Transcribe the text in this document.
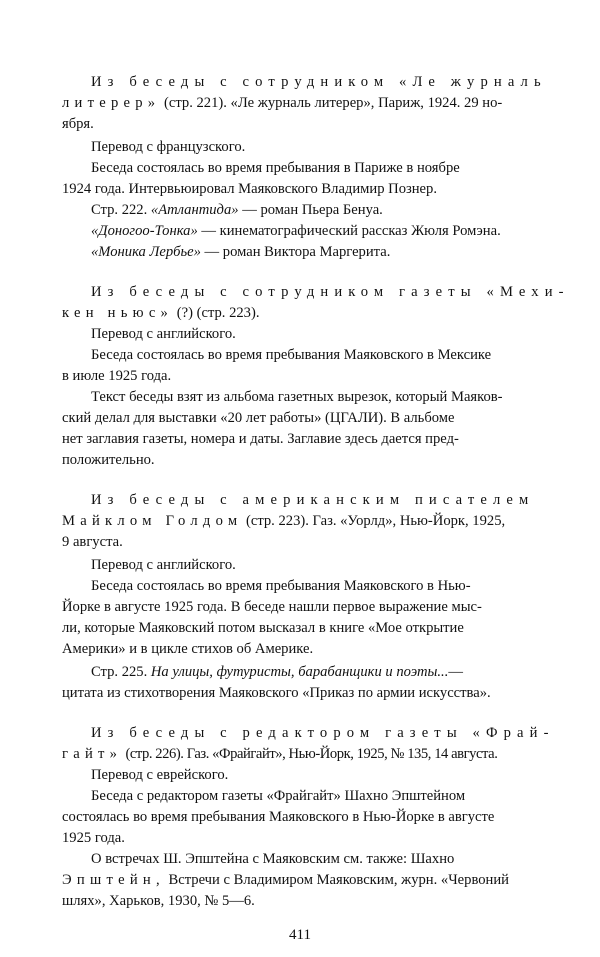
Из беседы с сотрудником «Ле журналь

литерер» (стр. 221). «Ле журналь литерер», Париж, 1924. 29 но-

ября.

Перевод с французского.

Беседа состоялась во время пребывания в Париже в ноябре

1924 года. Интервьюировал Маяковского Владимир Познер.

Стр. 222. «Атлантида» — роман Пьера Бенуа.

«Доногоо-Тонка» — кинематографический рассказ Жюля Ромэна.

«Моника Лербье» — роман Виктора Маргерита.

Из беседы с сотрудником газеты «Мехи-

кен ньюс» (?) (стр. 223).

Перевод с английского.

Беседа состоялась во время пребывания Маяковского в Мексике

в июле 1925 года.

Текст беседы взят из альбома газетных вырезок, который Маяков-

ский делал для выставки «20 лет работы» (ЦГАЛИ). В альбоме

нет заглавия газеты, номера и даты. Заглавие здесь дается пред-

положительно.

Из беседы с американским писателем

Майклом Голдом (стр. 223). Газ. «Уорлд», Нью-Йорк, 1925,

9 августа.

Перевод с английского.

Беседа состоялась во время пребывания Маяковского в Нью-

Йорке в августе 1925 года. В беседе нашли первое выражение мыс-

ли, которые Маяковский потом высказал в книге «Мое открытие

Америки» и в цикле стихов об Америке.

Стр. 225. На улицы, футуристы, барабанщики и поэты...—

цитата из стихотворения Маяковского «Приказ по армии искусства».

Из беседы с редактором газеты «Фрай-

гайт» (стр. 226). Газ. «Фрайгайт», Нью-Йорк, 1925, № 135, 14 августа.

Перевод с еврейского.

Беседа с редактором газеты «Фрайгайт» Шахно Эпштейном

состоялась во время пребывания Маяковского в Нью-Йорке в августе

1925 года.

О встречах Ш. Эпштейна с Маяковским см. также: Шахно

Эпштейн, Встречи с Владимиром Маяковским, журн. «Червоний

шлях», Харьков, 1930, № 5—6.

411
